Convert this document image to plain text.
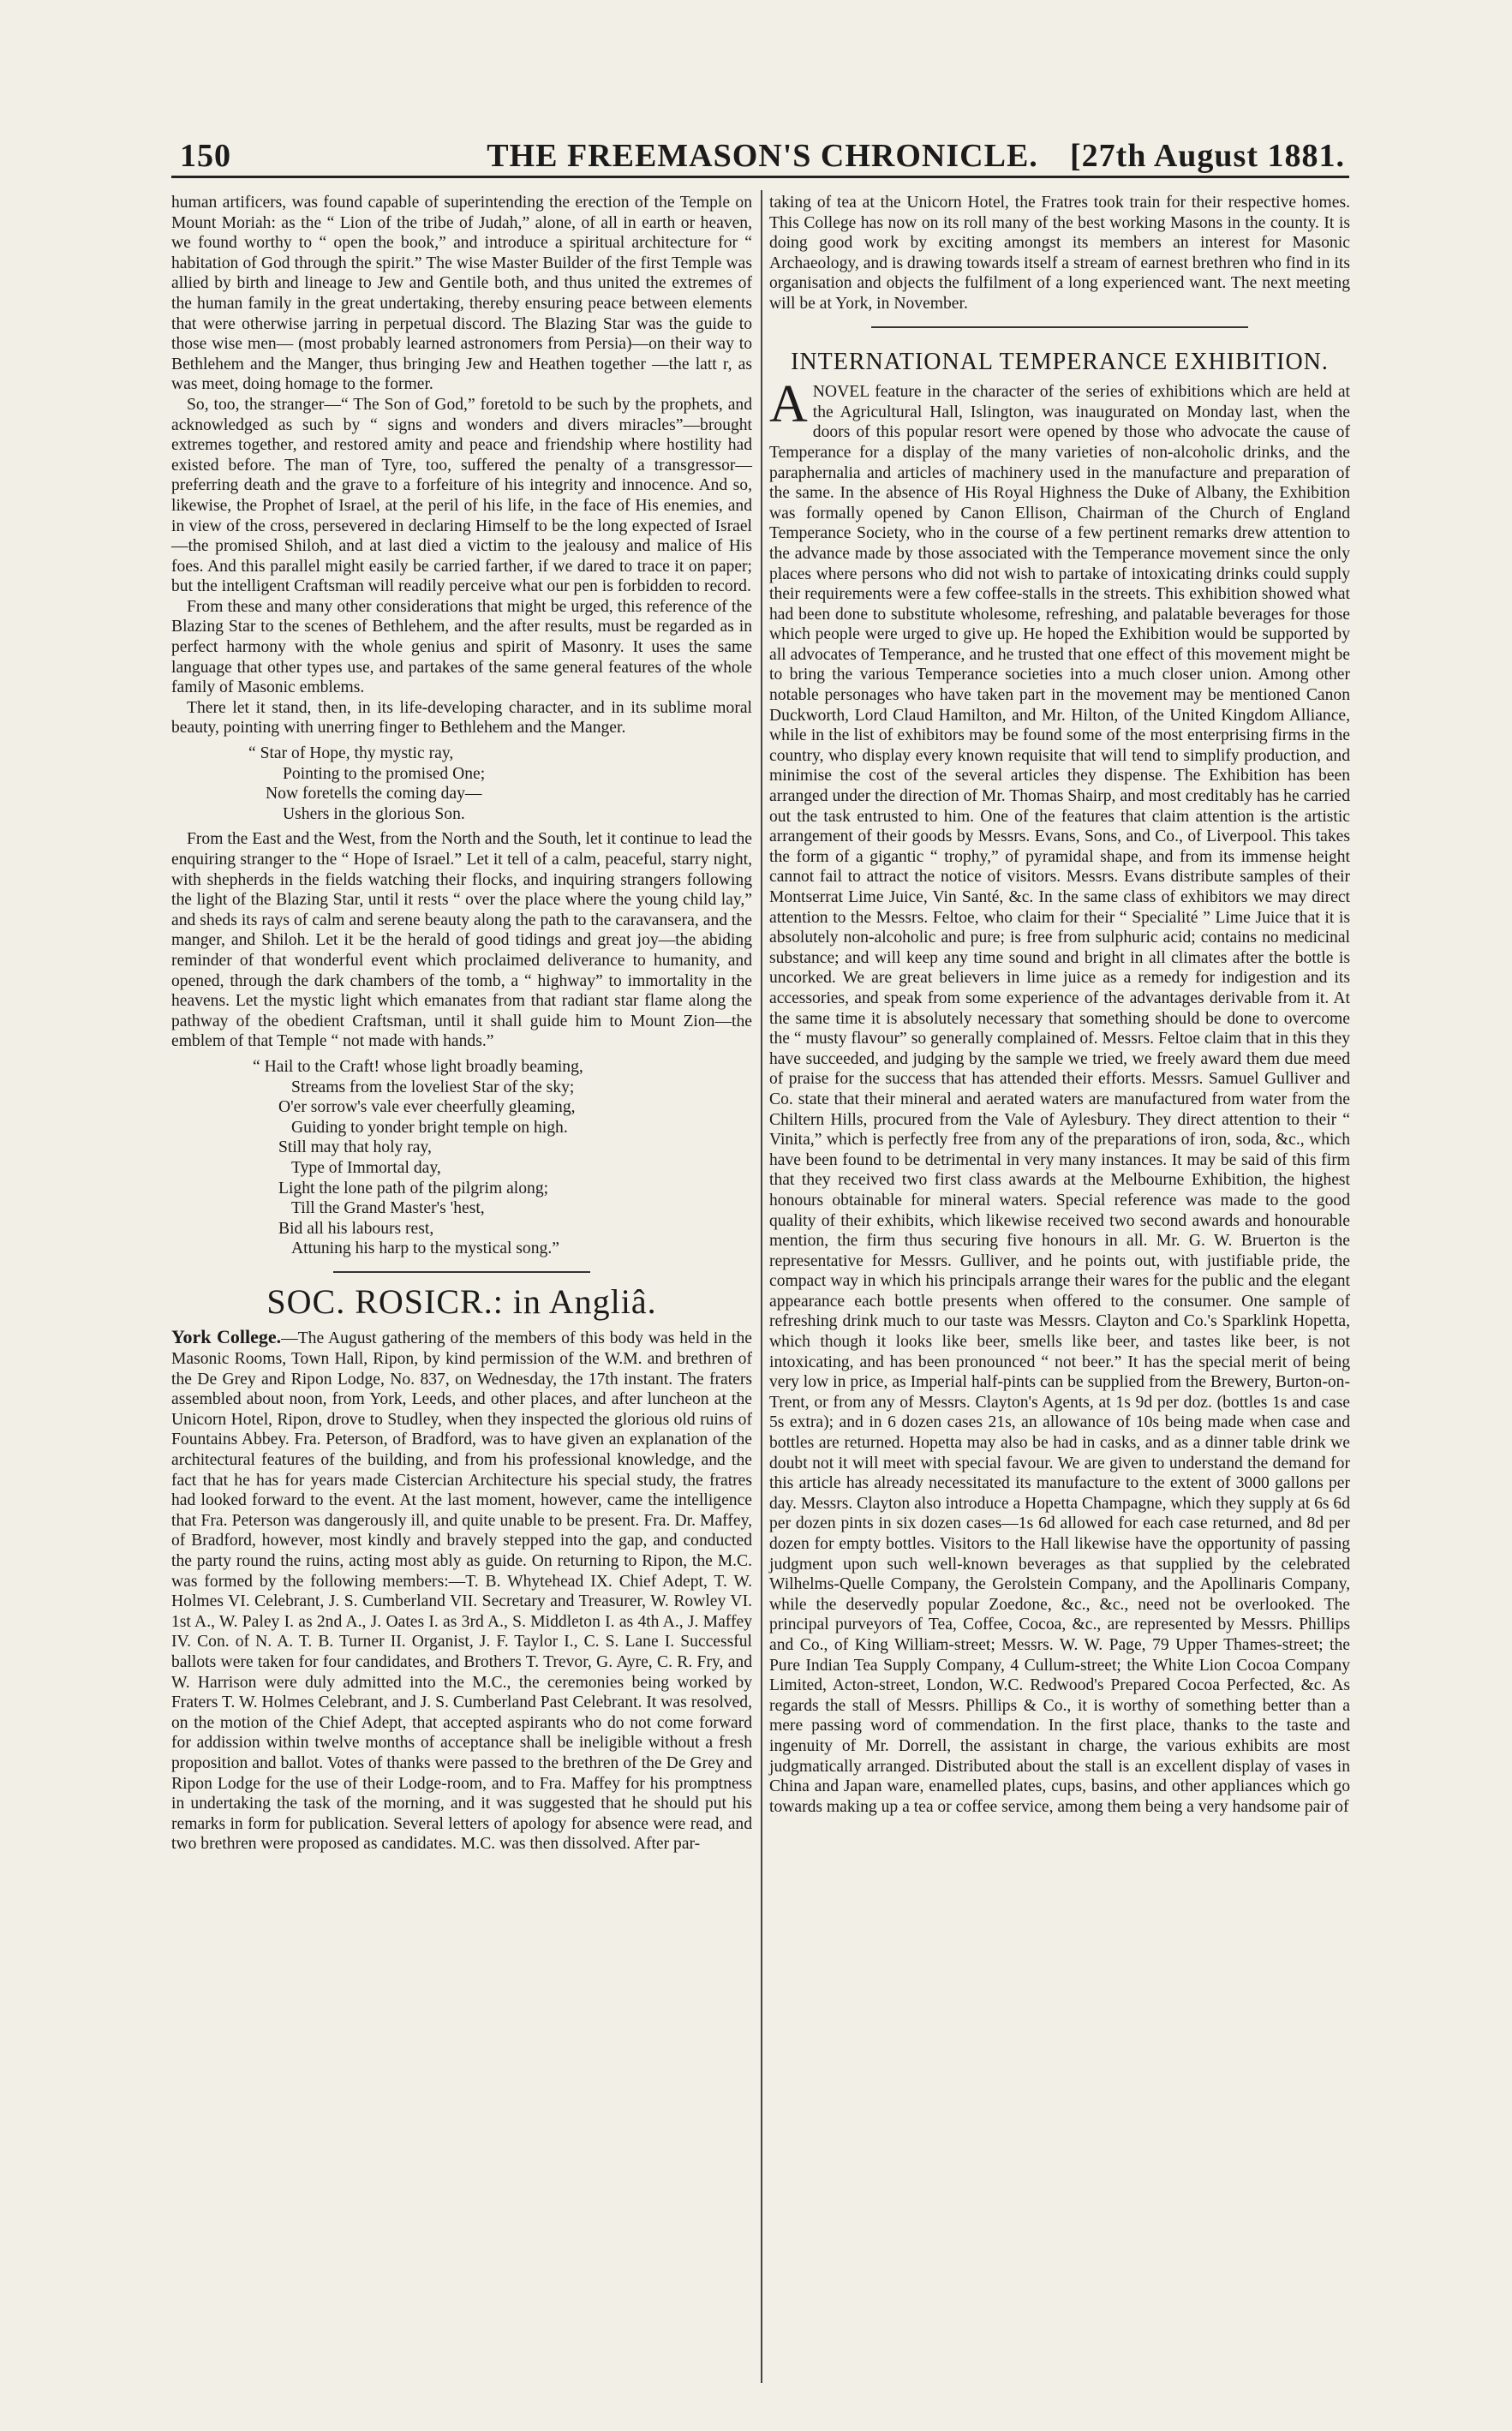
150	THE FREEMASON'S CHRONICLE. [27th August 1881.

human artificers, was found capable of superintending the erection of the Temple on Mount Moriah: as the “ Lion of the tribe of Judah,” alone, of all in earth or heaven, we found worthy to “ open the book,” and introduce a spiritual architecture for “ habitation of God through the spirit.” The wise Master Builder of the first Temple was allied by birth and lineage to Jew and Gentile both, and thus united the extremes of the human family in the great undertaking, thereby ensuring peace between elements that were otherwise jarring in perpetual discord. The Blazing Star was the guide to those wise men— (most probably learned astronomers from Persia)—on their way to Bethlehem and the Manger, thus bringing Jew and Heathen together —the latt r, as was meet, doing homage to the former.

So, too, the stranger—“ The Son of God,” foretold to be such by the prophets, and acknowledged as such by “ signs and wonders and divers miracles”—brought extremes together, and restored amity and peace and friendship where hostility had existed before. The man of Tyre, too, suffered the penalty of a transgressor—preferring death and the grave to a forfeiture of his integrity and innocence. And so, likewise, the Prophet of Israel, at the peril of his life, in the face of His enemies, and in view of the cross, persevered in declaring Himself to be the long expected of Israel—the promised Shiloh, and at last died a victim to the jealousy and malice of His foes. And this parallel might easily be carried farther, if we dared to trace it on paper; but the intelligent Craftsman will readily perceive what our pen is forbidden to record.

From these and many other considerations that might be urged, this reference of the Blazing Star to the scenes of Bethlehem, and the after results, must be regarded as in perfect harmony with the whole genius and spirit of Masonry. It uses the same language that other types use, and partakes of the same general features of the whole family of Masonic emblems.

There let it stand, then, in its life-developing character, and in its sublime moral beauty, pointing with unerring finger to Bethlehem and the Manger.

“ Star of Hope, thy mystic ray,
Pointing to the promised One;
Now foretells the coming day—
Ushers in the glorious Son.

From the East and the West, from the North and the South, let it continue to lead the enquiring stranger to the “ Hope of Israel.” Let it tell of a calm, peaceful, starry night, with shepherds in the fields watching their flocks, and inquiring strangers following the light of the Blazing Star, until it rests “ over the place where the young child lay,” and sheds its rays of calm and serene beauty along the path to the caravansera, and the manger, and Shiloh. Let it be the herald of good tidings and great joy—the abiding reminder of that wonderful event which proclaimed deliverance to humanity, and opened, through the dark chambers of the tomb, a “ highway” to immortality in the heavens. Let the mystic light which emanates from that radiant star flame along the pathway of the obedient Craftsman, until it shall guide him to Mount Zion—the emblem of that Temple “ not made with hands.”

“ Hail to the Craft! whose light broadly beaming,
Streams from the loveliest Star of the sky;
O'er sorrow's vale ever cheerfully gleaming,
Guiding to yonder bright temple on high.
Still may that holy ray,
Type of Immortal day,
Light the lone path of the pilgrim along;
Till the Grand Master's 'hest,
Bid all his labours rest,
Attuning his harp to the mystical song.”
SOC. ROSICR.: in Angliâ.

York College.—The August gathering of the members of this body was held in the Masonic Rooms, Town Hall, Ripon, by kind permission of the W.M. and brethren of the De Grey and Ripon Lodge, No. 837, on Wednesday, the 17th instant. The fraters assembled about noon, from York, Leeds, and other places, and after luncheon at the Unicorn Hotel, Ripon, drove to Studley, when they inspected the glorious old ruins of Fountains Abbey. Fra. Peterson, of Bradford, was to have given an explanation of the architectural features of the building, and from his professional knowledge, and the fact that he has for years made Cistercian Architecture his special study, the fratres had looked forward to the event. At the last moment, however, came the intelligence that Fra. Peterson was dangerously ill, and quite unable to be present. Fra. Dr. Maffey, of Bradford, however, most kindly and bravely stepped into the gap, and conducted the party round the ruins, acting most ably as guide. On returning to Ripon, the M.C. was formed by the following members:—T. B. Whytehead IX. Chief Adept, T. W. Holmes VI. Celebrant, J. S. Cumberland VII. Secretary and Treasurer, W. Rowley VI. 1st A., W. Paley I. as 2nd A., J. Oates I. as 3rd A., S. Middleton I. as 4th A., J. Maffey IV. Con. of N. A. T. B. Turner II. Organist, J. F. Taylor I., C. S. Lane I. Successful ballots were taken for four candidates, and Brothers T. Trevor, G. Ayre, C. R. Fry, and W. Harrison were duly admitted into the M.C., the ceremonies being worked by Fraters T. W. Holmes Celebrant, and J. S. Cumberland Past Celebrant. It was resolved, on the motion of the Chief Adept, that accepted aspirants who do not come forward for addission within twelve months of acceptance shall be ineligible without a fresh proposition and ballot. Votes of thanks were passed to the brethren of the De Grey and Ripon Lodge for the use of their Lodge-room, and to Fra. Maffey for his promptness in undertaking the task of the morning, and it was suggested that he should put his remarks in form for publication. Several letters of apology for absence were read, and two brethren were proposed as candidates. M.C. was then dissolved. After par-

taking of tea at the Unicorn Hotel, the Fratres took train for their respective homes. This College has now on its roll many of the best working Masons in the county. It is doing good work by exciting amongst its members an interest for Masonic Archaeology, and is drawing towards itself a stream of earnest brethren who find in its organisation and objects the fulfilment of a long experienced want. The next meeting will be at York, in November.

INTERNATIONAL TEMPERANCE EXHIBITION.

ANOVEL feature in the character of the series of exhibitions which are held at the Agricultural Hall, Islington, was inaugurated on Monday last, when the doors of this popular resort were opened by those who advocate the cause of Temperance for a display of the many varieties of non-alcoholic drinks, and the paraphernalia and articles of machinery used in the manufacture and preparation of the same. In the absence of His Royal Highness the Duke of Albany, the Exhibition was formally opened by Canon Ellison, Chairman of the Church of England Temperance Society, who in the course of a few pertinent remarks drew attention to the advance made by those associated with the Temperance movement since the only places where persons who did not wish to partake of intoxicating drinks could supply their requirements were a few coffee-stalls in the streets. This exhibition showed what had been done to substitute wholesome, refreshing, and palatable beverages for those which people were urged to give up. He hoped the Exhibition would be supported by all advocates of Temperance, and he trusted that one effect of this movement might be to bring the various Temperance societies into a much closer union. Among other notable personages who have taken part in the movement may be mentioned Canon Duckworth, Lord Claud Hamilton, and Mr. Hilton, of the United Kingdom Alliance, while in the list of exhibitors may be found some of the most enterprising firms in the country, who display every known requisite that will tend to simplify production, and minimise the cost of the several articles they dispense. The Exhibition has been arranged under the direction of Mr. Thomas Shairp, and most creditably has he carried out the task entrusted to him. One of the features that claim attention is the artistic arrangement of their goods by Messrs. Evans, Sons, and Co., of Liverpool. This takes the form of a gigantic “ trophy,” of pyramidal shape, and from its immense height cannot fail to attract the notice of visitors. Messrs. Evans distribute samples of their Montserrat Lime Juice, Vin Santé, &c. In the same class of exhibitors we may direct attention to the Messrs. Feltoe, who claim for their “ Specialité ” Lime Juice that it is absolutely non-alcoholic and pure; is free from sulphuric acid; contains no medicinal substance; and will keep any time sound and bright in all climates after the bottle is uncorked. We are great believers in lime juice as a remedy for indigestion and its accessories, and speak from some experience of the advantages derivable from it. At the same time it is absolutely necessary that something should be done to overcome the “ musty flavour” so generally complained of. Messrs. Feltoe claim that in this they have succeeded, and judging by the sample we tried, we freely award them due meed of praise for the success that has attended their efforts. Messrs. Samuel Gulliver and Co. state that their mineral and aerated waters are manufactured from water from the Chiltern Hills, procured from the Vale of Aylesbury. They direct attention to their “ Vinita,” which is perfectly free from any of the preparations of iron, soda, &c., which have been found to be detrimental in very many instances. It may be said of this firm that they received two first class awards at the Melbourne Exhibition, the highest honours obtainable for mineral waters. Special reference was made to the good quality of their exhibits, which likewise received two second awards and honourable mention, the firm thus securing five honours in all. Mr. G. W. Bruerton is the representative for Messrs. Gulliver, and he points out, with justifiable pride, the compact way in which his principals arrange their wares for the public and the elegant appearance each bottle presents when offered to the consumer. One sample of refreshing drink much to our taste was Messrs. Clayton and Co.'s Sparklink Hopetta, which though it looks like beer, smells like beer, and tastes like beer, is not intoxicating, and has been pronounced “ not beer.” It has the special merit of being very low in price, as Imperial half-pints can be supplied from the Brewery, Burton-on-Trent, or from any of Messrs. Clayton's Agents, at 1s 9d per doz. (bottles 1s and case 5s extra); and in 6 dozen cases 21s, an allowance of 10s being made when case and bottles are returned. Hopetta may also be had in casks, and as a dinner table drink we doubt not it will meet with special favour. We are given to understand the demand for this article has already necessitated its manufacture to the extent of 3000 gallons per day. Messrs. Clayton also introduce a Hopetta Champagne, which they supply at 6s 6d per dozen pints in six dozen cases—1s 6d allowed for each case returned, and 8d per dozen for empty bottles. Visitors to the Hall likewise have the opportunity of passing judgment upon such well-known beverages as that supplied by the celebrated Wilhelms-Quelle Company, the Gerolstein Company, and the Apollinaris Company, while the deservedly popular Zoedone, &c., &c., need not be overlooked. The principal purveyors of Tea, Coffee, Cocoa, &c., are represented by Messrs. Phillips and Co., of King William-street; Messrs. W. W. Page, 79 Upper Thames-street; the Pure Indian Tea Supply Company, 4 Cullum-street; the White Lion Cocoa Company Limited, Acton-street, London, W.C. Redwood's Prepared Cocoa Perfected, &c. As regards the stall of Messrs. Phillips & Co., it is worthy of something better than a mere passing word of commendation. In the first place, thanks to the taste and ingenuity of Mr. Dorrell, the assistant in charge, the various exhibits are most judgmatically arranged. Distributed about the stall is an excellent display of vases in China and Japan ware, enamelled plates, cups, basins, and other appliances which go towards making up a tea or coffee service, among them being a very handsome pair of
